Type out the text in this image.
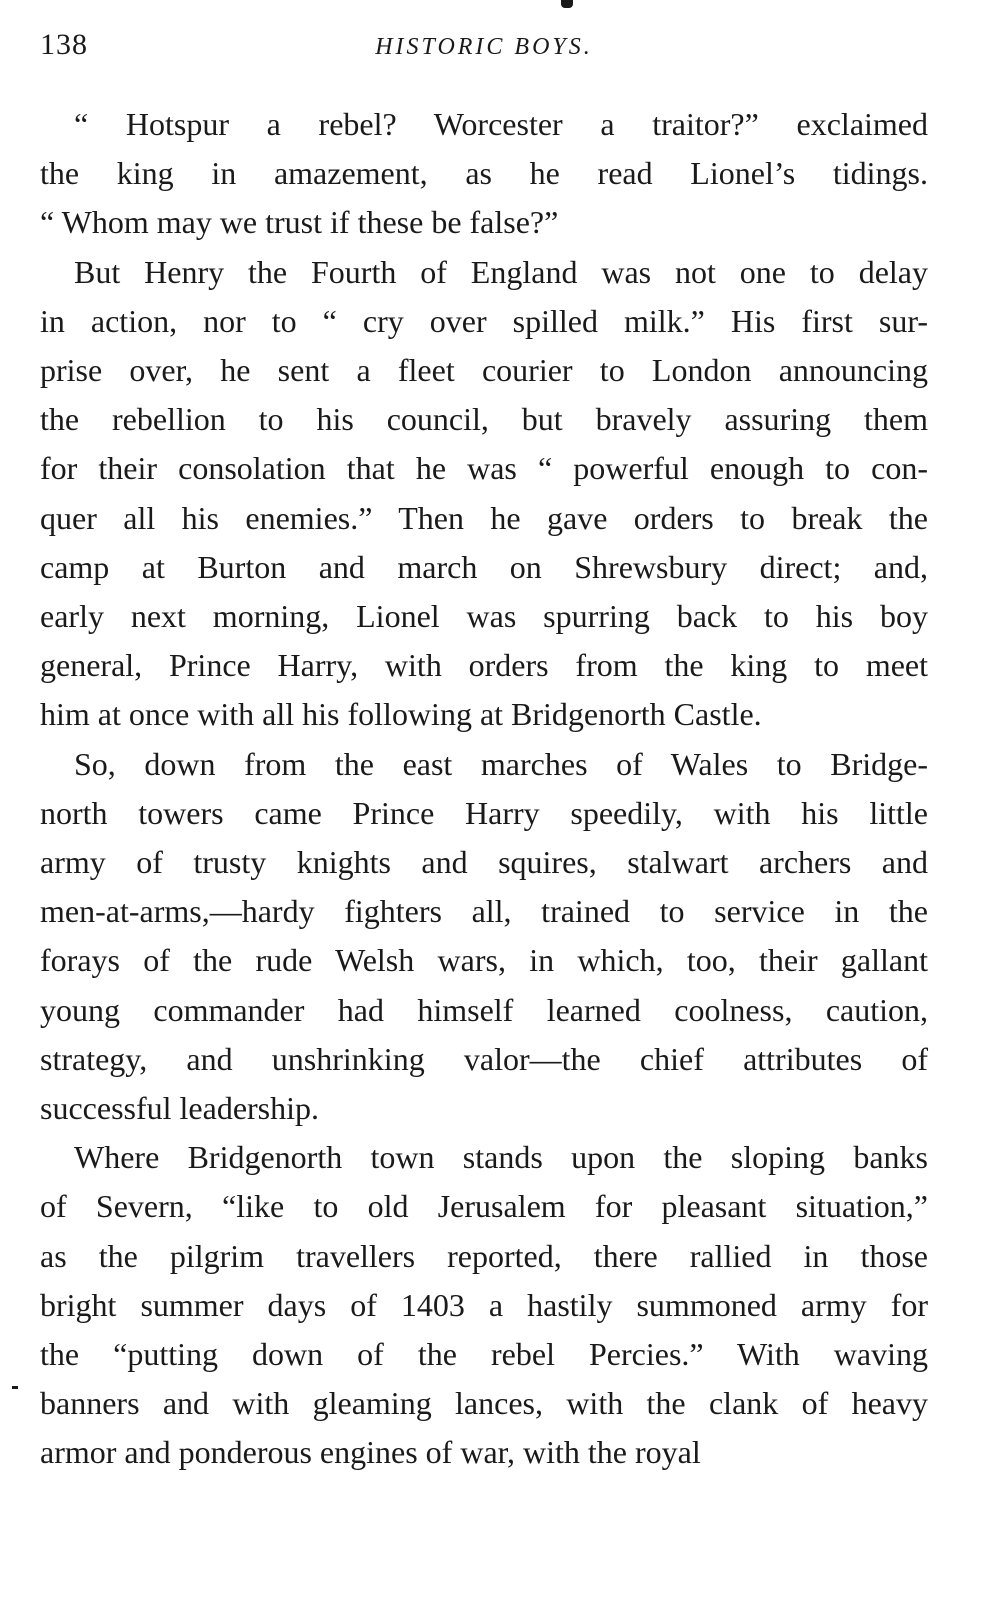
138	HISTORIC BOYS.

“ Hotspur a rebel? Worcester a traitor?” exclaimed
the king in amazement, as he read Lionel’s tidings.
“ Whom may we trust if these be false?”

But Henry the Fourth of England was not one to delay
in action, nor to “ cry over spilled milk.” His first sur-
prise over, he sent a fleet courier to London announcing
the rebellion to his council, but bravely assuring them
for their consolation that he was “ powerful enough to con-
quer all his enemies.” Then he gave orders to break the
camp at Burton and march on Shrewsbury direct; and,
early next morning, Lionel was spurring back to his boy
general, Prince Harry, with orders from the king to meet
him at once with all his following at Bridgenorth Castle.

So, down from the east marches of Wales to Bridge-
north towers came Prince Harry speedily, with his little
army of trusty knights and squires, stalwart archers and
men-at-arms,—hardy fighters all, trained to service in the
forays of the rude Welsh wars, in which, too, their gallant
young commander had himself learned coolness, caution,
strategy, and unshrinking valor—the chief attributes of
successful leadership.

Where Bridgenorth town stands upon the sloping banks
of Severn, “like to old Jerusalem for pleasant situation,”
as the pilgrim travellers reported, there rallied in those
bright summer days of 1403 a hastily summoned army for
the “putting down of the rebel Percies.” With waving
banners and with gleaming lances, with the clank of heavy
armor and ponderous engines of war, with the royal
